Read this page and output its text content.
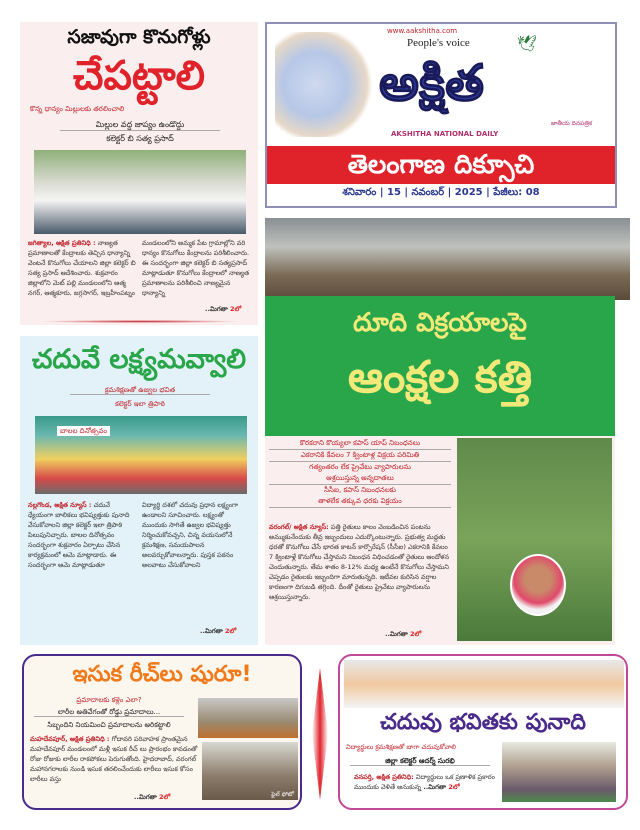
సజావుగా కొనుగోళ్లు
చేపట్టాలి
కొన్న ధాన్యం మిల్లులకు తరలించాలి
మిల్లుల వద్ద జాప్యం ఉండొద్దు
కలెక్టర్ బి సత్య ప్రసాద్
జగిత్యాల, అక్షిత ప్రతినిధి : నాణ్యత ప్రమాణాలతో కేంద్రాలకు తెచ్చిన ధాన్యాన్ని వెంటనే కొనుగోలు చేయాలని జిల్లా కలెక్టర్ బి సత్య ప్రసాద్ ఆదేశించారు. శుక్రవారం జిల్లాలోని మెట్ పల్లి మండలంలోని ఆత్మ నగర్, ఆత్మకూరు, జగ్గసాగర్, ఇబ్రహీంపట్నం
మండలంలోని అమ్మక పేట గ్రామాల్లోని వరి ధాన్యం కొనుగోలు కేంద్రాలను పరిశీలించారు. ఈ సందర్భంగా జిల్లా కలెక్టర్ బి సత్యప్రసాద్ మాట్లాడుతూ కొనుగోలు కేంద్రాలలో నాణ్యత ప్రమాణాలను పరిశీలించి నాణ్యమైన ధాన్యాన్ని
..మిగతా 2లో
www.aakshitha.com
People's voice	🕊
అక్షిత
జాతీయ దినపత్రిక
AKSHITHA NATIONAL DAILY
తెలంగాణ దిక్సూచి
శనివారం | 15 | నవంబర్ | 2025 | పేజీలు: 08
దూది విక్రయాలపై
ఆంక్షల కత్తి
కొరకరాని కొయ్యలా కపాస్ యాప్ నిబంధనలు
ఎకరానికి కేవలం 7 క్వింటాళ్ల విక్రయ పరిమితి
గత్యంతరం లేక ప్రైవేటు వ్యాపారులను
ఆశ్రయిస్తున్న అన్నదాతలు
సీసీఐ, కపాస్ నిబంధనలకు
తాళలేక తక్కువ ధరకు విక్రయం
వరంగల్/ అక్షిత న్యూస్: పత్తి రైతులు కాలం వెంబడించిన పంటను అమ్ముకునేందుకు తీవ్ర ఇబ్బందులు ఎదుర్కొంటున్నారు. ప్రభుత్వ మద్దతు ధరతో కొనుగోలు చేసే భారత కాటన్ కార్పొరేషన్ (సీసీఐ) ఎకరానికి కేవలం 7 క్వింటాళ్లే కొనుగోలు చేస్తామని నిబంధన విధించడంతో రైతులు ఆందోళన చెందుతున్నారు. తేమ శాతం 8-12% మధ్య ఉంటేనే కొనుగోలు చేస్తామని చెప్పడం రైతులకు ఇబ్బందిగా మారుతున్నది. ఇటీవల కురిసిన వర్షాల కారణంగా దిగుబడి తగ్గింది. దీంతో రైతులు ప్రైవేటు వ్యాపారులను ఆశ్రయిస్తున్నారు.
..మిగతా 2లో
చదువే లక్ష్యమవ్వాలి
క్రమశిక్షణతో ఉజ్వల భవిత
కలెక్టర్ ఇలా త్రిపాఠి
బాలల దినోత్సవం
నల్లగొండ, అక్షిత న్యూస్ : చదువే ధ్యేయంగా బాలికలు భవిష్యత్తుకు పునాది వేసుకోవాలని జిల్లా కలెక్టర్ ఇలా త్రిపాఠి పిలుపునిచ్చారు. బాలల దినోత్సవం సందర్భంగా శుక్రవారం ఏర్పాటు చేసిన కార్యక్రమంలో ఆమె మాట్లాడారు. ఈ సందర్భంగా ఆమె మాట్లాడుతూ
విద్యార్థి దశలో చదువు ప్రధాన లక్ష్యంగా ఉండాలని సూచించారు. లక్ష్యంతో ముందుకు సాగితే ఉజ్వల భవిష్యత్తు నిర్మించుకోవచ్చని, చిన్న వయసులోనే క్రమశిక్షణ, సమయపాలన అలవర్చుకోవాలన్నారు. పుస్తక పఠనం అలవాటు చేసుకోవాలని
..మిగతా 2లో
ఇసుక రీచ్‌లు షురూ!
ప్రమాదాలకు కళ్లెం ఎలా?
లారీల అతివేగంతో రోడ్డు ప్రమాదాలు...
సిబ్బందిని నియమించి ప్రమాదాలను అరికట్టాలి
మహదేవపూర్, అక్షిత ప్రతినిధి : గోదావరి పరివాహక ప్రాంతమైన మహదేవపూర్ మండలంలో మళ్లీ ఇసుక రీచ్ లు ప్రారంభం కావడంతో రోజు రోజుకు లారీల రాకపోకలు పెరుగుతోంది. హైదరాబాద్, వరంగల్ మహానగరాలకు నుండి ఇసుక తరలించేందుకు లారీలు ఇసుక కోసం లారీలు వస్తు
..మిగతా 2లో	ఫైల్ ఫోటో
చదువు భవితకు పునాది
విద్యార్థులు క్రమశిక్షణతో బాగా చదువుకోవాలి
జిల్లా కలెక్టర్ ఆదర్శ్ సురభి
వనపర్తి, అక్షిత ప్రతినిధి: విద్యార్థులు ఒక ప్రణాళిక ప్రకారం ముందుకు వెళితే అనుకున్న ..మిగతా 2లో
